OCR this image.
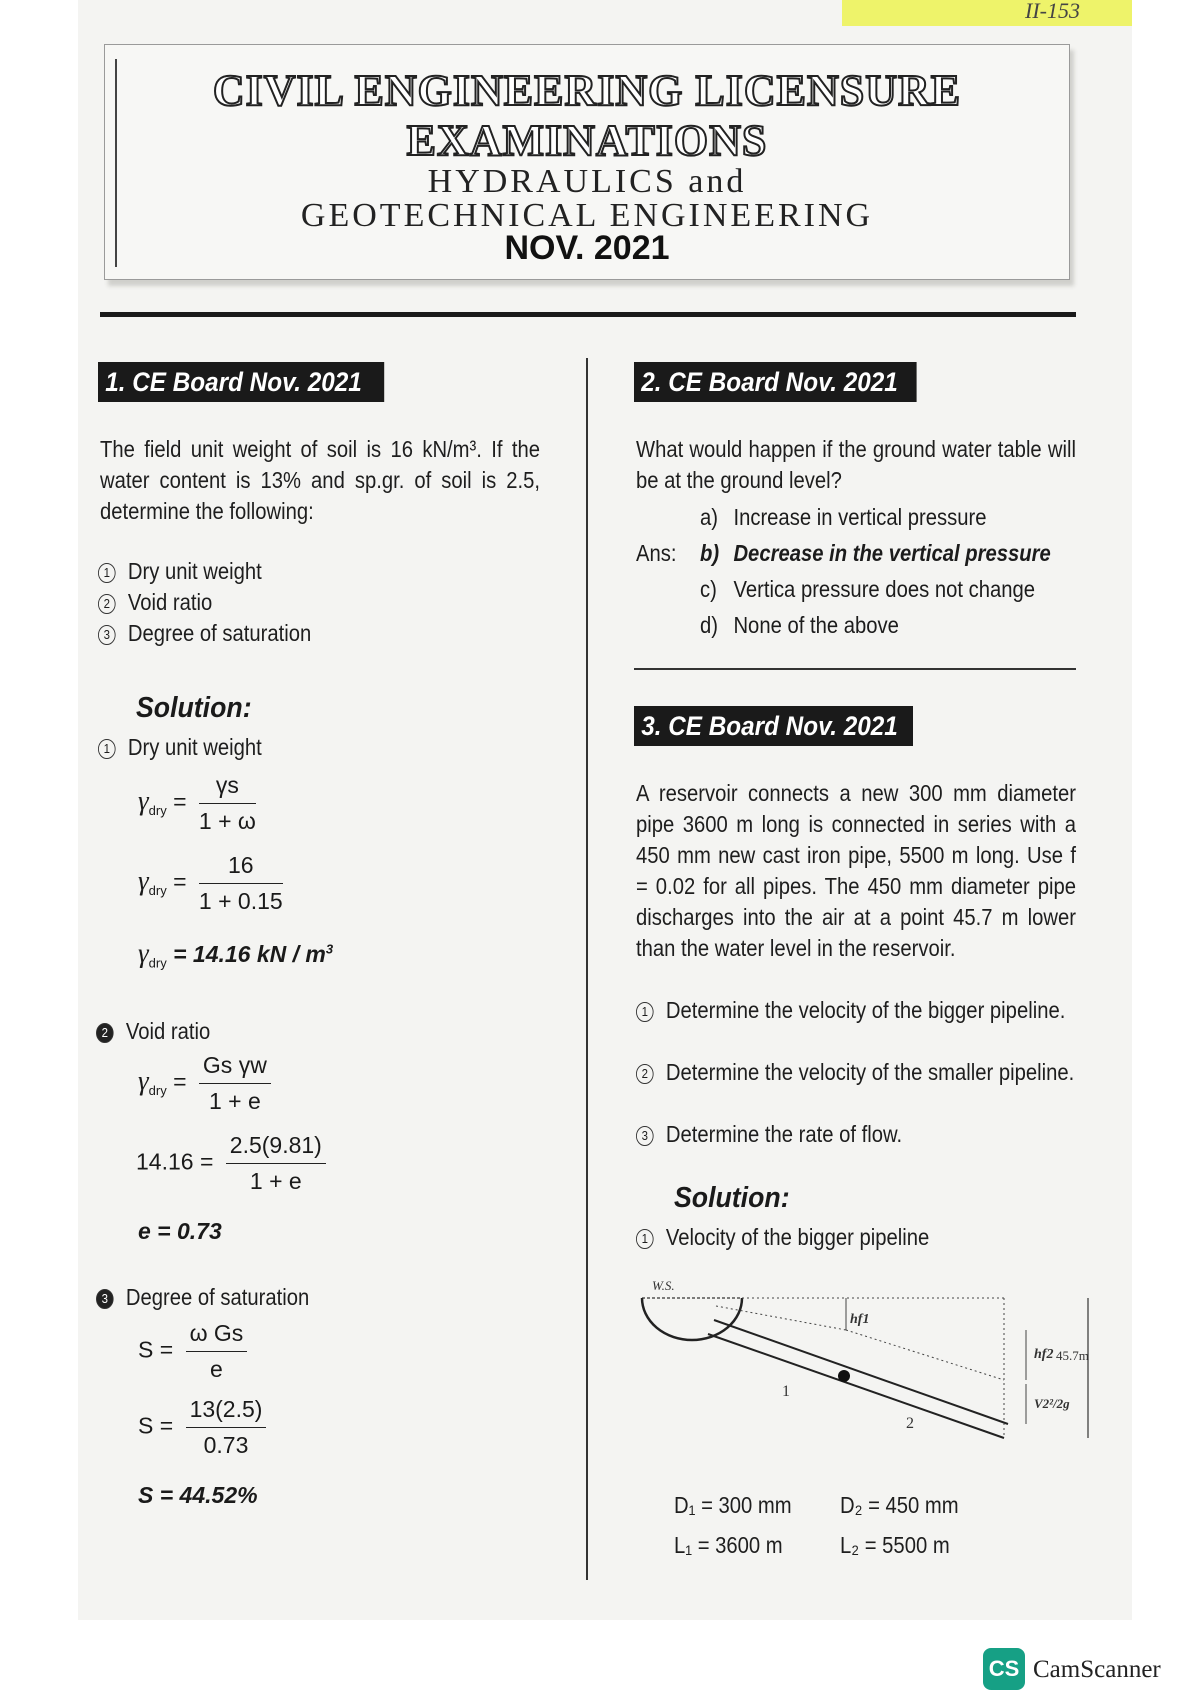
II-153
CIVIL ENGINEERING LICENSURE
EXAMINATIONS
HYDRAULICS and
GEOTECHNICAL ENGINEERING
NOV. 2021
1. CE Board Nov. 2021
The field unit weight of soil is 16 kN/m³. If the water content is 13% and sp.gr. of soil is 2.5, determine the following:
1 Dry unit weight
2 Void ratio
3 Degree of saturation
Solution:
1 Dry unit weight
$\gamma_{dry} = \frac{\gamma s}{1 + \omega}$
$\gamma_{dry} = \frac{16}{1 + 0.15}$
$\gamma_{dry} = 14.16$ kN / $m^3$
2 Void ratio
$\gamma_{dry} = \frac{\text{Gs γw}}{1 + e}$
$14.16 = \frac{2.5(9.81)}{1 + e}$
e = 0.73
3 Degree of saturation
$S = \frac{\text{ω Gs}}{e}$
$S = \frac{13(2.5)}{0.73}$
S = 44.52%
2. CE Board Nov. 2021
What would happen if the ground water table will be at the ground level?
a) Increase in vertical pressure
Ans: b) Decrease in the vertical pressure
c) Vertica pressure does not change
d) None of the above
3. CE Board Nov. 2021
A reservoir connects a new 300 mm diameter pipe 3600 m long is connected in series with a 450 mm new cast iron pipe, 5500 m long. Use f = 0.02 for all pipes. The 450 mm diameter pipe discharges into the air at a point 45.7 m lower than the water level in the reservoir.
1 Determine the velocity of the bigger pipeline.
2 Determine the velocity of the smaller pipeline.
3 Determine the rate of flow.
Solution:
1 Velocity of the bigger pipeline
W.S.
1
2
hf1
hf2
V2²/2g
45.7m
D₁ = 300 mm D₂ = 450 mm
L₁ = 3600 m L₂ = 5500 m
CS CamScanner
